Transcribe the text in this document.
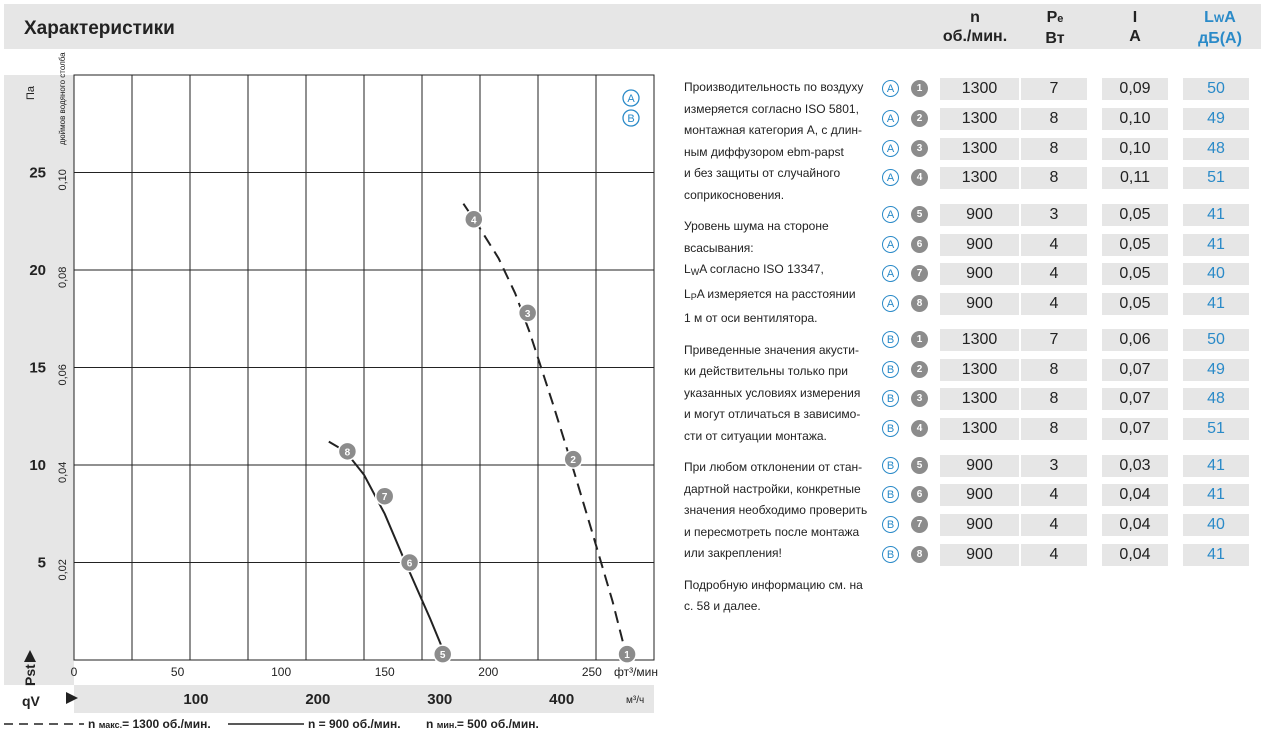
Характеристики
n
об./мин.
Pe
Вт
I
A
LWA
дБ(A)
5
10
15
20
25
0,02
0,04
0,06
0,08
0,10
Па	дюймов водяного столба
0	50	100	150	200	250 фт³/мин
100	200	300	400	м³/ч
1
2
3
4
5
6
7
8
Pst
qV
A
B

Производительность по воздуху
измеряется согласно ISO 5801,
монтажная категория A, с длин-
ным диффузором ebm-papst
и без защиты от случайного
соприкосновения.

Уровень шума на стороне
всасывания:
$L_WA$ согласно ISO 13347,
$L_PA$ измеряется на расстоянии
1 м от оси вентилятора.

Приведенные значения акусти-
ки действительны только при
указанных условиях измерения
и могут отличаться в зависимо-
сти от ситуации монтажа.

При любом отклонении от стан-
дартной настройки, конкретные
значения необходимо проверить
и пересмотреть после монтажа
или закрепления!

Подробную информацию см. на
с. 58 и далее.

A	1	1300	7	0,09	50
A	2	1300	8	0,10	49
A	3	1300	8	0,10	48
A	4	1300	8	0,11	51
A	5	900	3	0,05	41
A	6	900	4	0,05	41
A	7	900	4	0,05	40
A	8	900	4	0,05	41
B	1	1300	7	0,06	50
B	2	1300	8	0,07	49
B	3	1300	8	0,07	48
B	4	1300	8	0,07	51
B	5	900	3	0,03	41
B	6	900	4	0,04	41
B	7	900	4	0,04	40
B	8	900	4	0,04	41
n макс.= 1300 об./мин.	n = 900 об./мин. n мин.= 500 об./мин.
